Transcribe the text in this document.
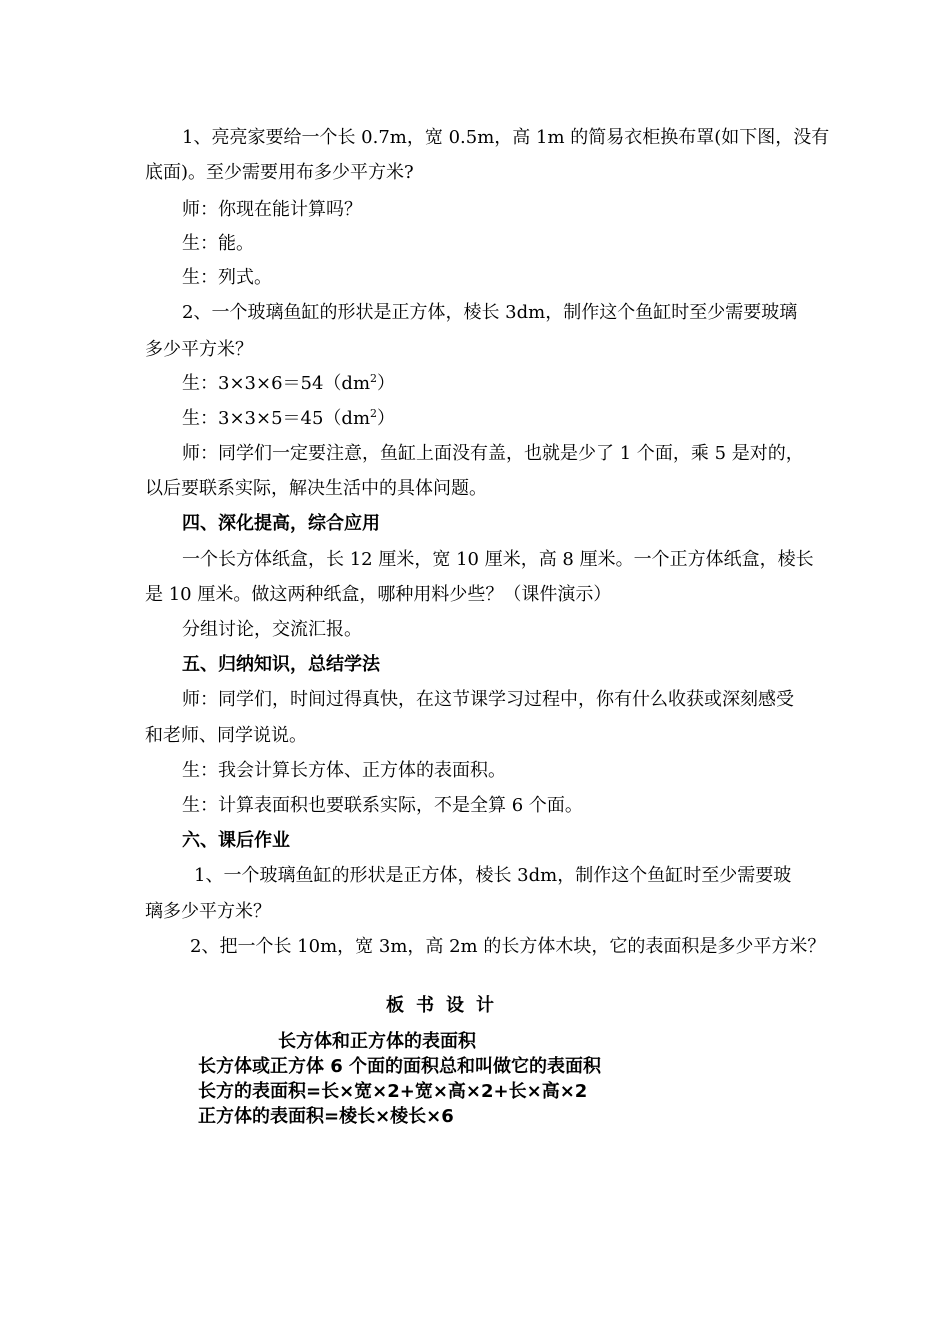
1、亮亮家要给一个长 0.7m，宽 0.5m，高 1m 的简易衣柜换布罩(如下图，没有
底面)。至少需要用布多少平方米?
师：你现在能计算吗？
生：能。
生：列式。
2、一个玻璃鱼缸的形状是正方体，棱长 3dm，制作这个鱼缸时至少需要玻璃
多少平方米？
生：$3\times 3\times 6=54(dm^2)$
生：$3\times 3\times 5=45(dm^2)$
师：同学们一定要注意，鱼缸上面没有盖，也就是少了 1 个面，乘 5 是对的，
以后要联系实际，解决生活中的具体问题。
四、深化提高，综合应用
一个长方体纸盒，长 12 厘米，宽 10 厘米，高 8 厘米。一个正方体纸盒，棱长
是 10 厘米。做这两种纸盒，哪种用料少些？（课件演示）
分组讨论，交流汇报。
五、归纳知识，总结学法
师：同学们，时间过得真快，在这节课学习过程中，你有什么收获或深刻感受
和老师、同学说说。
生：我会计算长方体、正方体的表面积。
生：计算表面积也要联系实际，不是全算 6 个面。
六、课后作业
1、一个玻璃鱼缸的形状是正方体，棱长 3dm，制作这个鱼缸时至少需要玻
璃多少平方米？
2、把一个长 10m，宽 3m，高 2m 的长方体木块，它的表面积是多少平方米？
板书设计
长方体和正方体的表面积
长方体或正方体 6 个面的面积总和叫做它的表面积
长方的表面积=长×宽×2+宽×高×2+长×高×2
正方体的表面积=棱长×棱长×6
